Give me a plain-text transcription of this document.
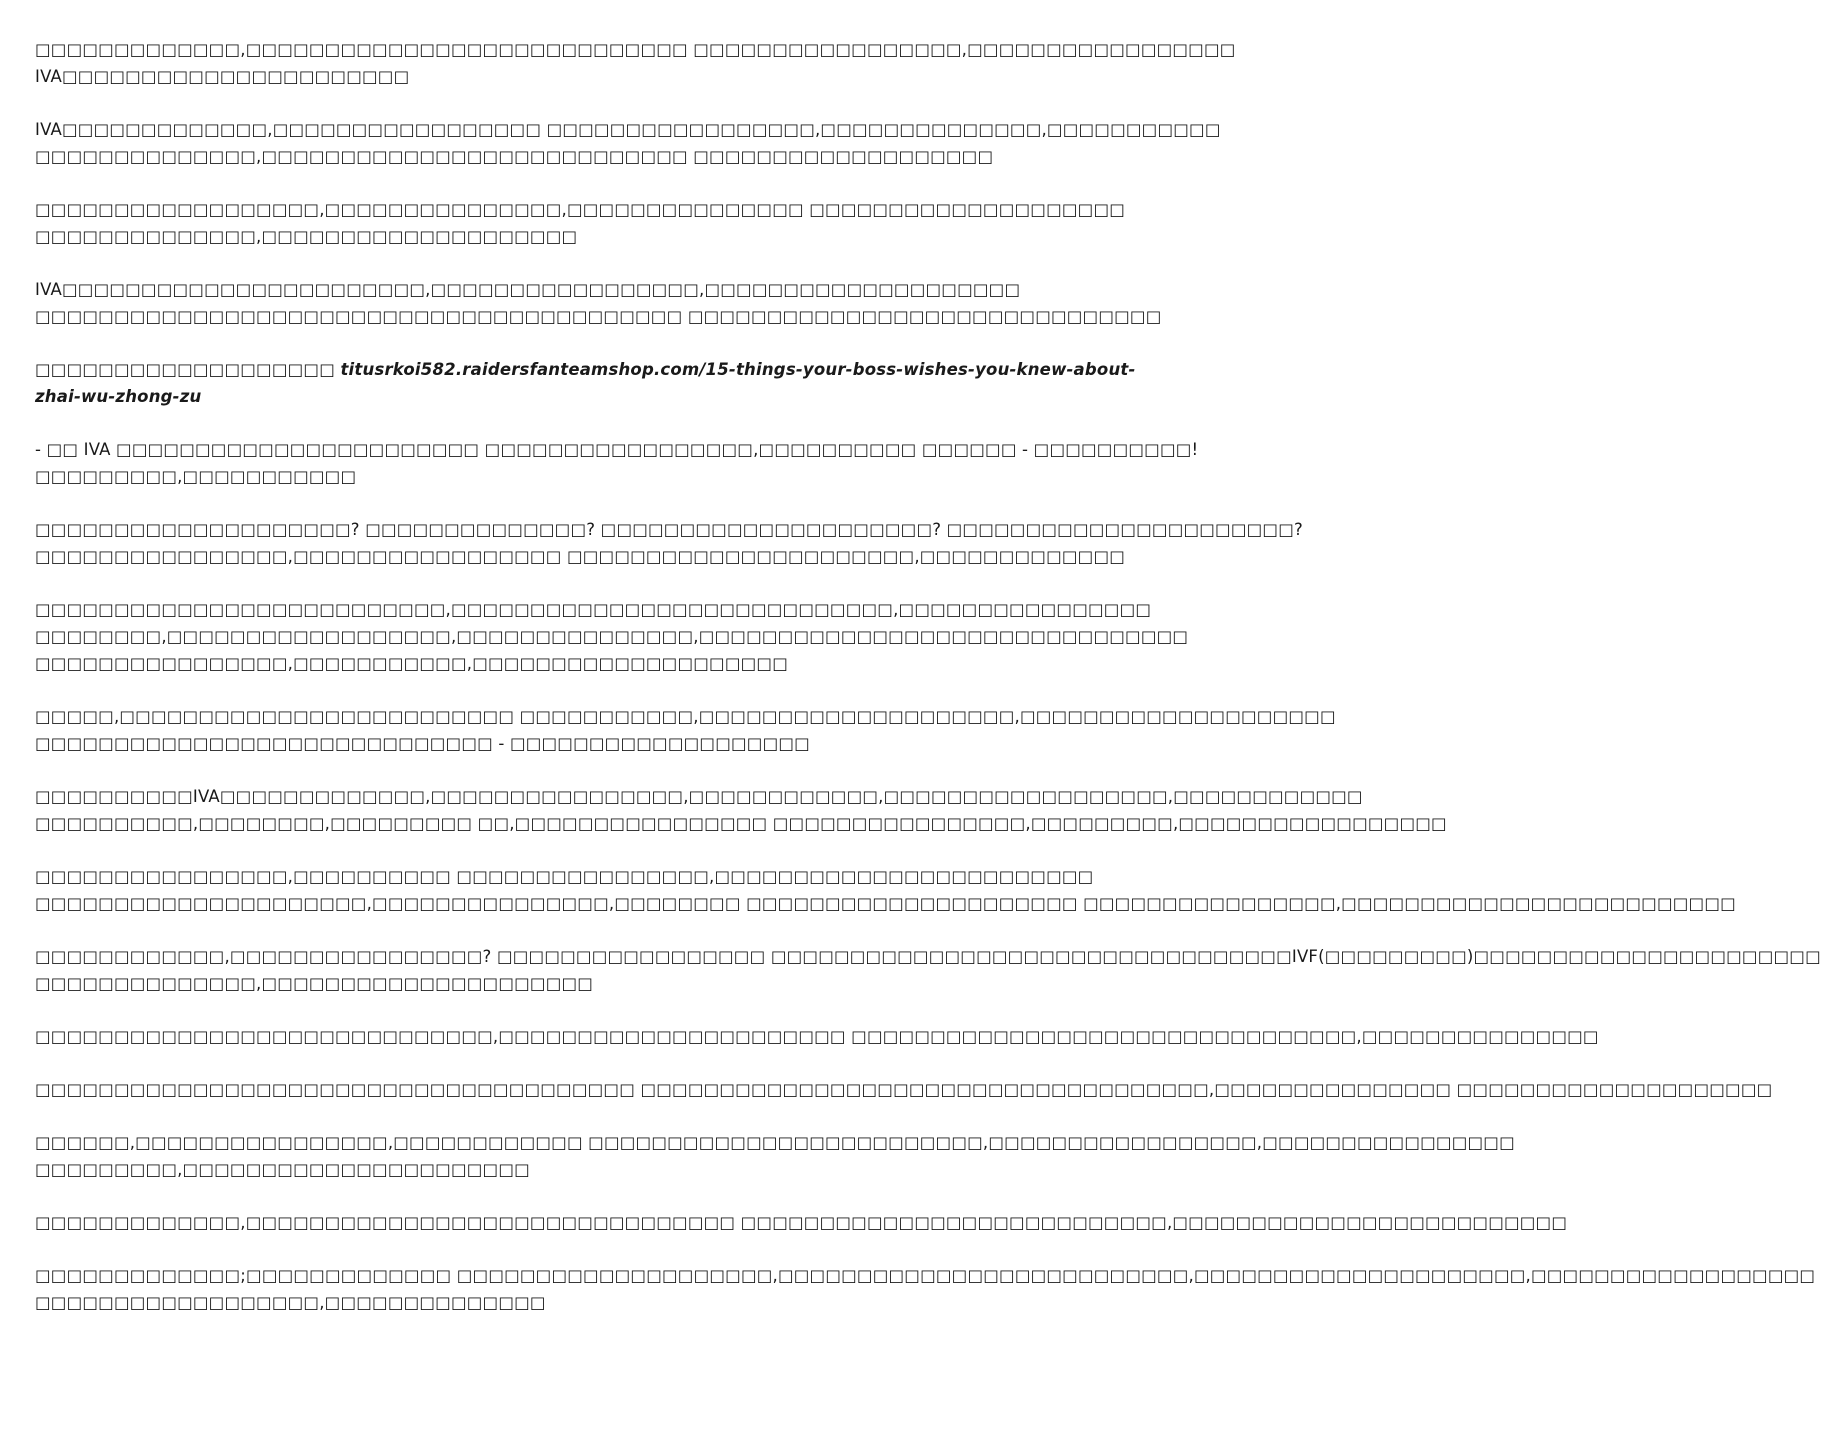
□□□□□□□□□□□□□,□□□□□□□□□□□□□□□□□□□□□□□□□□□□ □□□□□□□□□□□□□□□□□,□□□□□□□□□□□□□□□□□
IVA□□□□□□□□□□□□□□□□□□□□□□

IVA□□□□□□□□□□□□□,□□□□□□□□□□□□□□□□□ □□□□□□□□□□□□□□□□□,□□□□□□□□□□□□□□,□□□□□□□□□□□
□□□□□□□□□□□□□□,□□□□□□□□□□□□□□□□□□□□□□□□□□□ □□□□□□□□□□□□□□□□□□□

□□□□□□□□□□□□□□□□□□,□□□□□□□□□□□□□□□,□□□□□□□□□□□□□□□ □□□□□□□□□□□□□□□□□□□□
□□□□□□□□□□□□□□,□□□□□□□□□□□□□□□□□□□□

IVA□□□□□□□□□□□□□□□□□□□□□□□,□□□□□□□□□□□□□□□□□,□□□□□□□□□□□□□□□□□□□□
□□□□□□□□□□□□□□□□□□□□□□□□□□□□□□□□□□□□□□□□□ □□□□□□□□□□□□□□□□□□□□□□□□□□□□□□

□□□□□□□□□□□□□□□□□□□ titusrkoi582.raidersfanteamshop.com/15-things-your-boss-wishes-you-knew-about-
zhai-wu-zhong-zu

- □□ IVA □□□□□□□□□□□□□□□□□□□□□□□ □□□□□□□□□□□□□□□□□,□□□□□□□□□□ □□□□□□ - □□□□□□□□□□!
□□□□□□□□□,□□□□□□□□□□□

□□□□□□□□□□□□□□□□□□□□? □□□□□□□□□□□□□□? □□□□□□□□□□□□□□□□□□□□□? □□□□□□□□□□□□□□□□□□□□□□?
□□□□□□□□□□□□□□□□,□□□□□□□□□□□□□□□□□ □□□□□□□□□□□□□□□□□□□□□□,□□□□□□□□□□□□□

□□□□□□□□□□□□□□□□□□□□□□□□□□,□□□□□□□□□□□□□□□□□□□□□□□□□□□□,□□□□□□□□□□□□□□□□
□□□□□□□□,□□□□□□□□□□□□□□□□□□,□□□□□□□□□□□□□□□,□□□□□□□□□□□□□□□□□□□□□□□□□□□□□□□
□□□□□□□□□□□□□□□□,□□□□□□□□□□□,□□□□□□□□□□□□□□□□□□□□

□□□□□,□□□□□□□□□□□□□□□□□□□□□□□□□ □□□□□□□□□□□,□□□□□□□□□□□□□□□□□□□□,□□□□□□□□□□□□□□□□□□□□
□□□□□□□□□□□□□□□□□□□□□□□□□□□□□ - □□□□□□□□□□□□□□□□□□□

□□□□□□□□□□IVA□□□□□□□□□□□□□,□□□□□□□□□□□□□□□□,□□□□□□□□□□□□,□□□□□□□□□□□□□□□□□□,□□□□□□□□□□□□
□□□□□□□□□□,□□□□□□□□,□□□□□□□□□ □□,□□□□□□□□□□□□□□□□ □□□□□□□□□□□□□□□□,□□□□□□□□□,□□□□□□□□□□□□□□□□□

□□□□□□□□□□□□□□□□,□□□□□□□□□□ □□□□□□□□□□□□□□□□,□□□□□□□□□□□□□□□□□□□□□□□□
□□□□□□□□□□□□□□□□□□□□□,□□□□□□□□□□□□□□□,□□□□□□□□ □□□□□□□□□□□□□□□□□□□□□ □□□□□□□□□□□□□□□□,□□□□□□□□□□□□□□□□□□□□□□□□□

□□□□□□□□□□□□,□□□□□□□□□□□□□□□□? □□□□□□□□□□□□□□□□□ □□□□□□□□□□□□□□□□□□□□□□□□□□□□□□□□□IVF(□□□□□□□□□)□□□□□□□□□□□□□□□□□□□□□□
□□□□□□□□□□□□□□,□□□□□□□□□□□□□□□□□□□□□

□□□□□□□□□□□□□□□□□□□□□□□□□□□□□,□□□□□□□□□□□□□□□□□□□□□□ □□□□□□□□□□□□□□□□□□□□□□□□□□□□□□□□,□□□□□□□□□□□□□□□

□□□□□□□□□□□□□□□□□□□□□□□□□□□□□□□□□□□□□□ □□□□□□□□□□□□□□□□□□□□□□□□□□□□□□□□□□□□,□□□□□□□□□□□□□□□ □□□□□□□□□□□□□□□□□□□□

□□□□□□,□□□□□□□□□□□□□□□□,□□□□□□□□□□□□ □□□□□□□□□□□□□□□□□□□□□□□□□,□□□□□□□□□□□□□□□□□,□□□□□□□□□□□□□□□□
□□□□□□□□□,□□□□□□□□□□□□□□□□□□□□□□

□□□□□□□□□□□□□,□□□□□□□□□□□□□□□□□□□□□□□□□□□□□□□ □□□□□□□□□□□□□□□□□□□□□□□□□□□,□□□□□□□□□□□□□□□□□□□□□□□□□

□□□□□□□□□□□□□;□□□□□□□□□□□□□ □□□□□□□□□□□□□□□□□□□□,□□□□□□□□□□□□□□□□□□□□□□□□□□,□□□□□□□□□□□□□□□□□□□□□,□□□□□□□□□□□□□□□□□□
□□□□□□□□□□□□□□□□□□,□□□□□□□□□□□□□□
